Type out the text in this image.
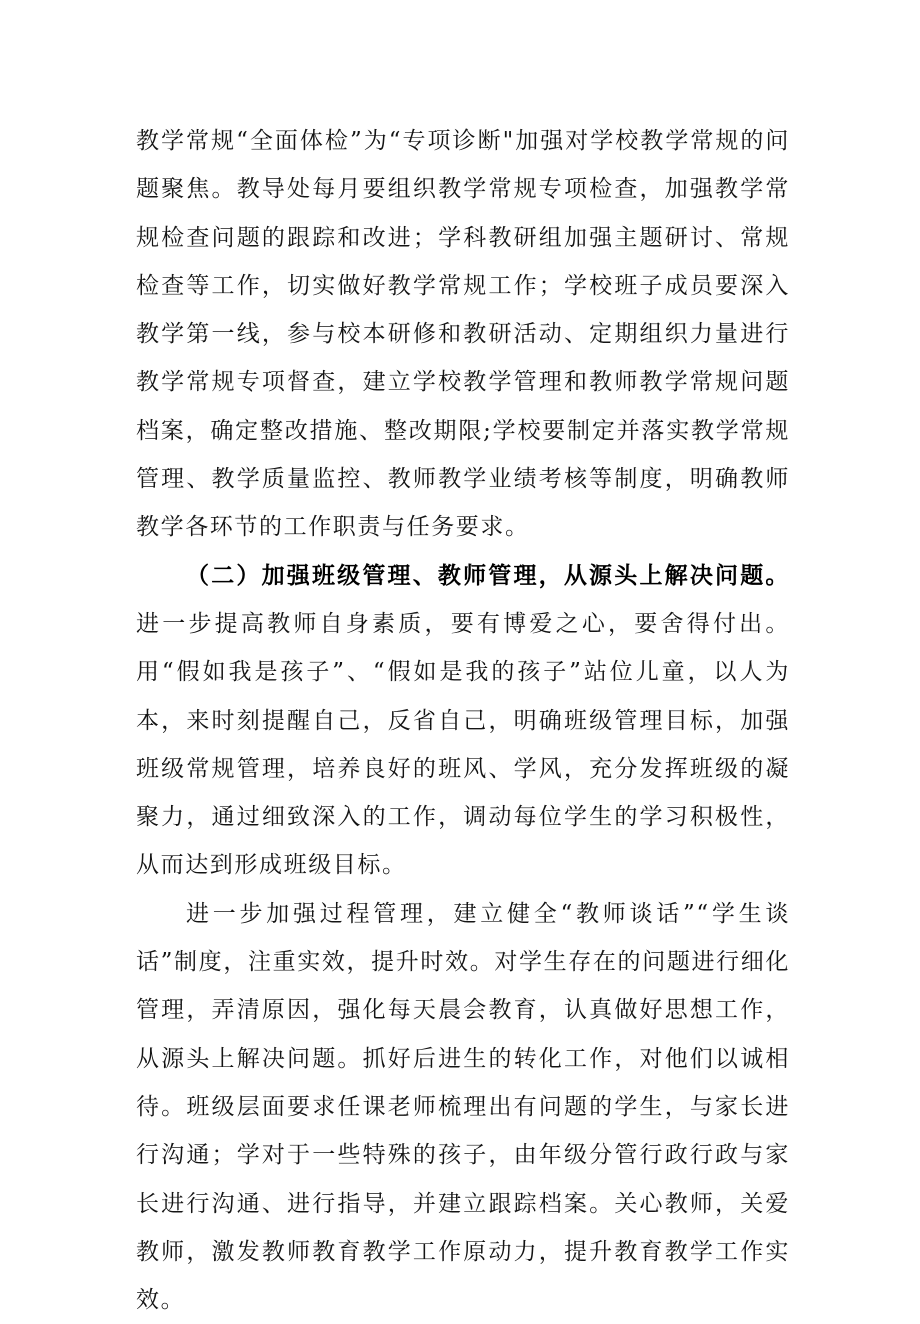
教学常规“全面体检”为“专项诊断"加强对学校教学常规的问题聚焦。教导处每月要组织教学常规专项检查，加强教学常规检查问题的跟踪和改进；学科教研组加强主题研讨、常规检查等工作，切实做好教学常规工作；学校班子成员要深入教学第一线，参与校本研修和教研活动、定期组织力量进行教学常规专项督查，建立学校教学管理和教师教学常规问题档案，确定整改措施、整改期限;学校要制定并落实教学常规管理、教学质量监控、教师教学业绩考核等制度，明确教师教学各环节的工作职责与任务要求。

（二）加强班级管理、教师管理，从源头上解决问题。进一步提高教师自身素质，要有博爱之心，要舍得付出。用“假如我是孩子”、“假如是我的孩子”站位儿童，以人为本，来时刻提醒自己，反省自己，明确班级管理目标，加强班级常规管理，培养良好的班风、学风，充分发挥班级的凝聚力，通过细致深入的工作，调动每位学生的学习积极性，从而达到形成班级目标。

进一步加强过程管理，建立健全“教师谈话”“学生谈话”制度，注重实效，提升时效。对学生存在的问题进行细化管理，弄清原因，强化每天晨会教育，认真做好思想工作，从源头上解决问题。抓好后进生的转化工作，对他们以诚相待。班级层面要求任课老师梳理出有问题的学生，与家长进行沟通；学对于一些特殊的孩子，由年级分管行政行政与家长进行沟通、进行指导，并建立跟踪档案。关心教师，关爱教师，激发教师教育教学工作原动力，提升教育教学工作实效。
